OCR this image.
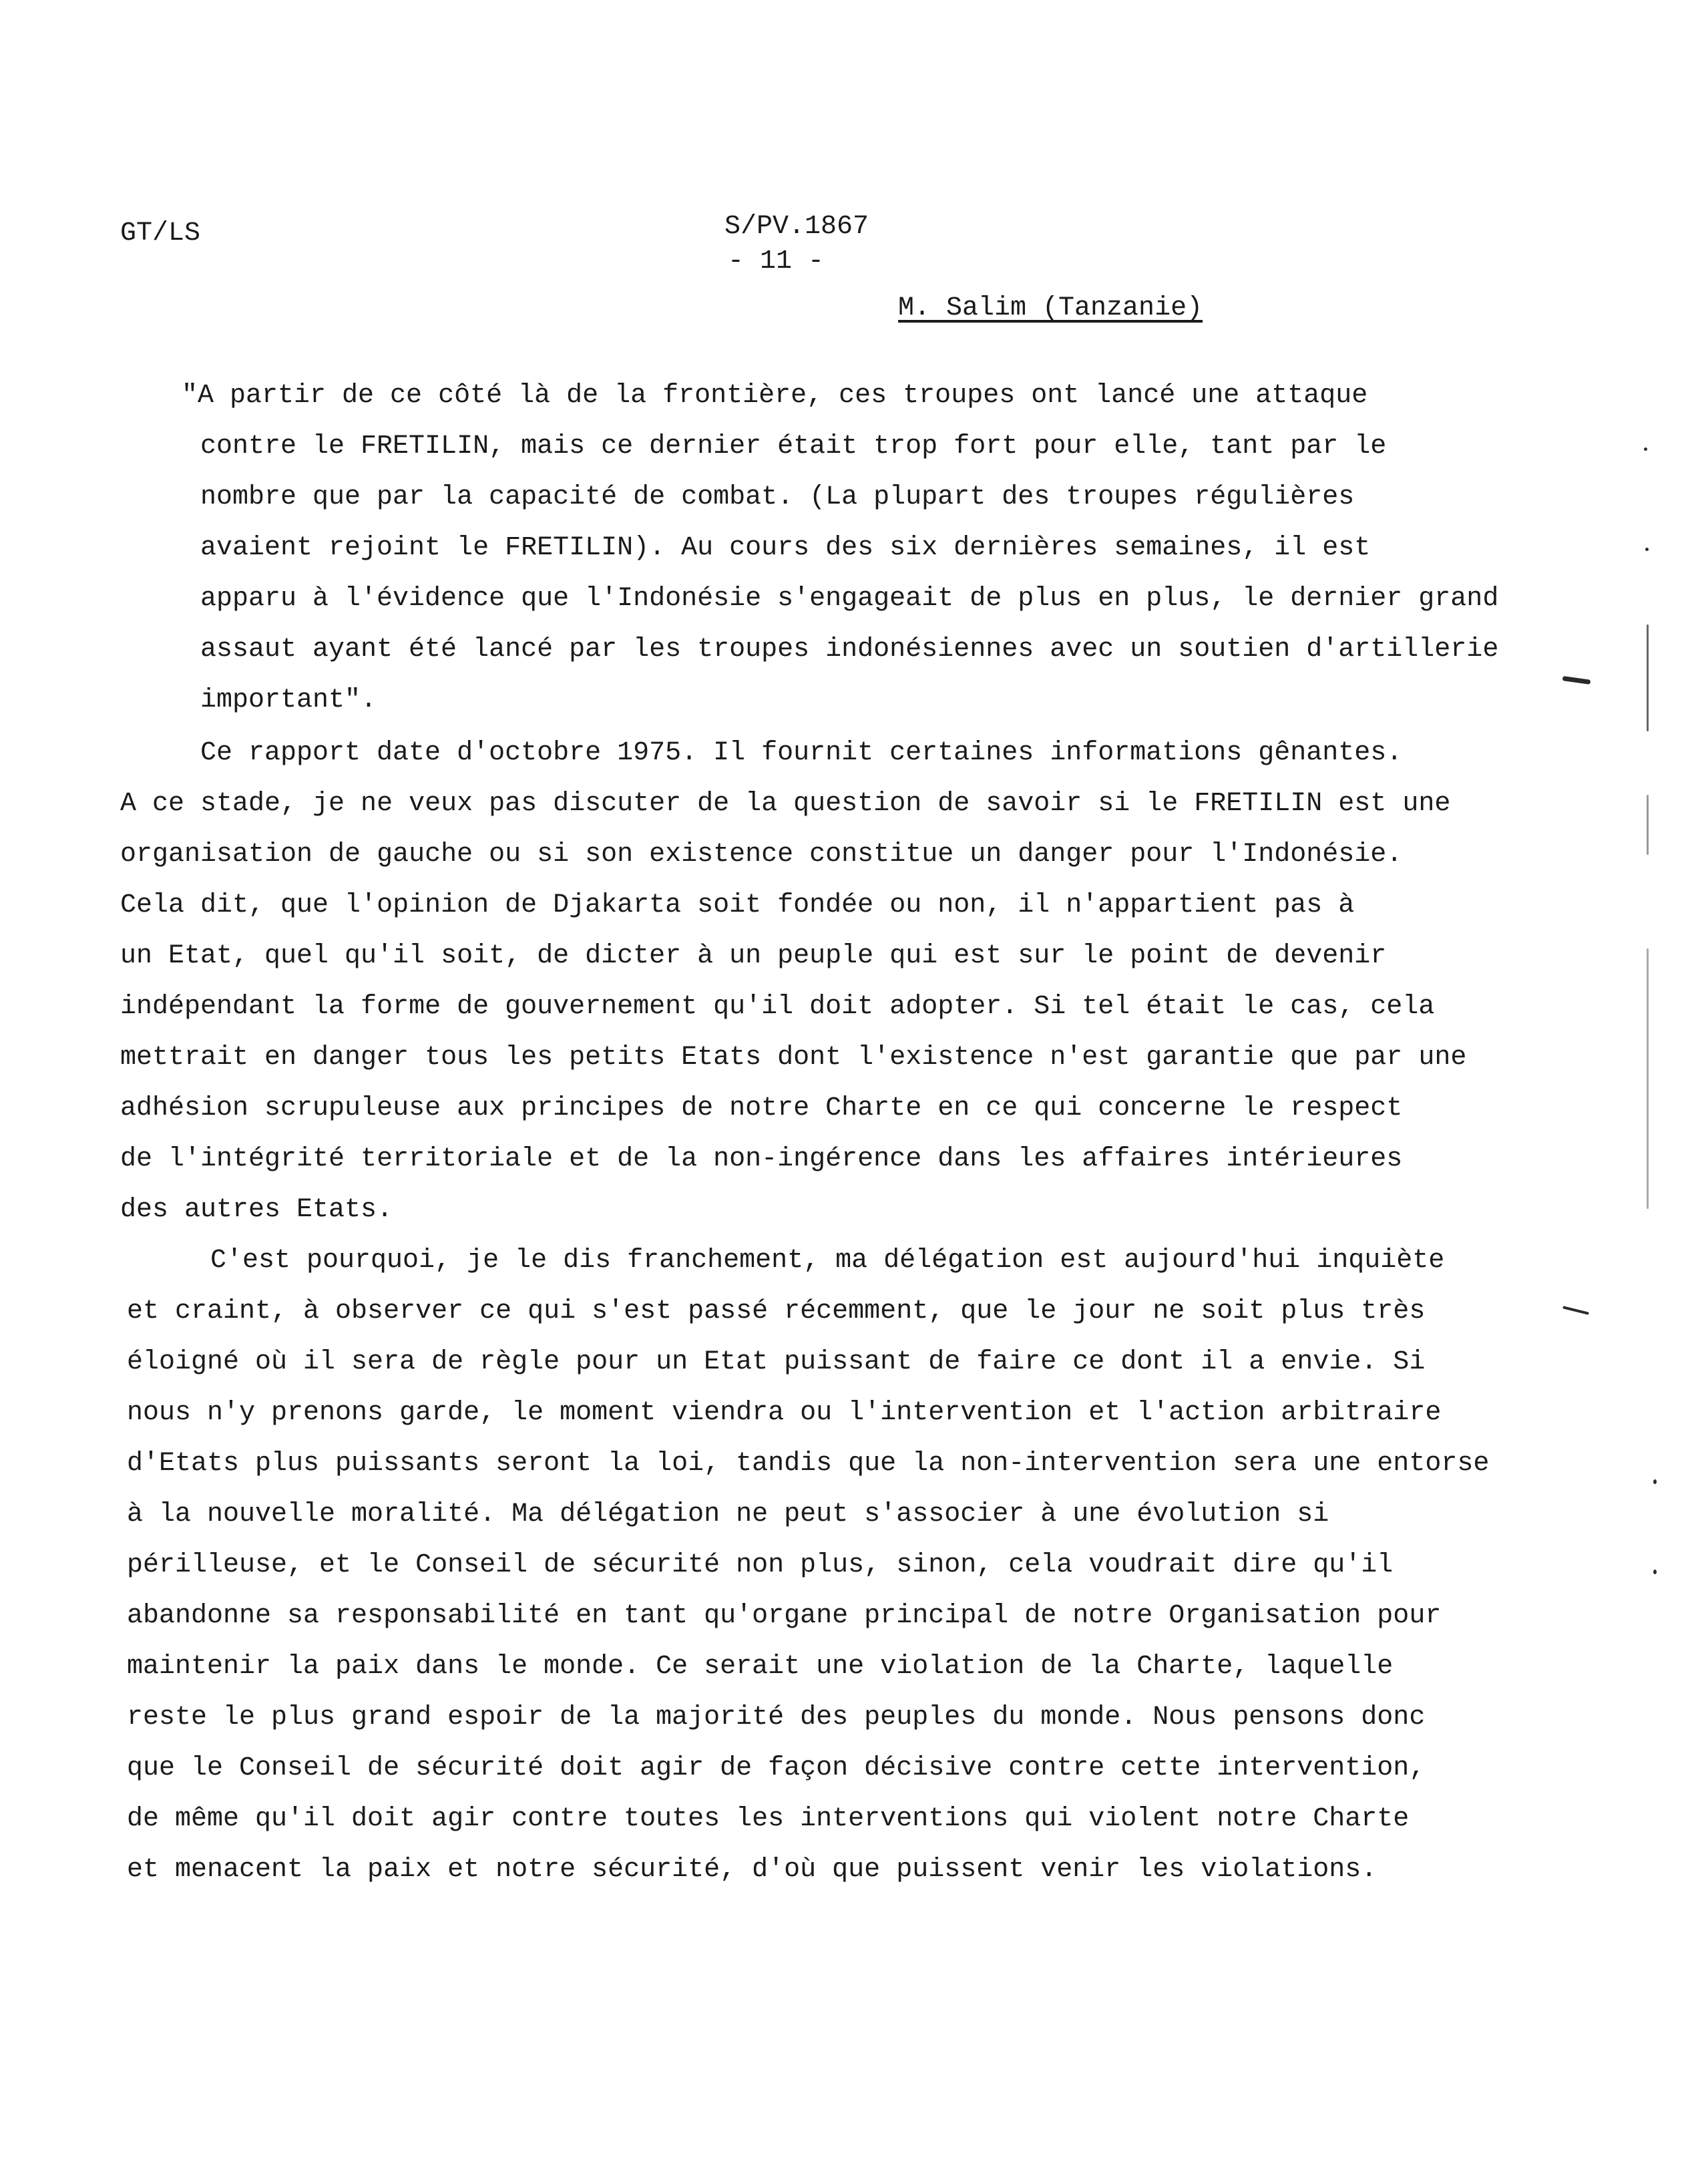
GT/LS	S/PV.1867
- 11 -
M. Salim (Tanzanie)

"A partir de ce côté là de la frontière, ces troupes ont lancé une attaque

contre le FRETILIN, mais ce dernier était trop fort pour elle, tant par le

nombre que par la capacité de combat. (La plupart des troupes régulières

avaient rejoint le FRETILIN). Au cours des six dernières semaines, il est

apparu à l'évidence que l'Indonésie s'engageait de plus en plus, le dernier grand

assaut ayant été lancé par les troupes indonésiennes avec un soutien d'artillerie

important".

Ce rapport date d'octobre 1975. Il fournit certaines informations gênantes.

A ce stade, je ne veux pas discuter de la question de savoir si le FRETILIN est une

organisation de gauche ou si son existence constitue un danger pour l'Indonésie.

Cela dit, que l'opinion de Djakarta soit fondée ou non, il n'appartient pas à

un Etat, quel qu'il soit, de dicter à un peuple qui est sur le point de devenir

indépendant la forme de gouvernement qu'il doit adopter. Si tel était le cas, cela

mettrait en danger tous les petits Etats dont l'existence n'est garantie que par une

adhésion scrupuleuse aux principes de notre Charte en ce qui concerne le respect

de l'intégrité territoriale et de la non-ingérence dans les affaires intérieures

des autres Etats.

C'est pourquoi, je le dis franchement, ma délégation est aujourd'hui inquiète

et craint, à observer ce qui s'est passé récemment, que le jour ne soit plus très

éloigné où il sera de règle pour un Etat puissant de faire ce dont il a envie. Si

nous n'y prenons garde, le moment viendra ou l'intervention et l'action arbitraire

d'Etats plus puissants seront la loi, tandis que la non-intervention sera une entorse

à la nouvelle moralité. Ma délégation ne peut s'associer à une évolution si

périlleuse, et le Conseil de sécurité non plus, sinon, cela voudrait dire qu'il

abandonne sa responsabilité en tant qu'organe principal de notre Organisation pour

maintenir la paix dans le monde. Ce serait une violation de la Charte, laquelle

reste le plus grand espoir de la majorité des peuples du monde. Nous pensons donc

que le Conseil de sécurité doit agir de façon décisive contre cette intervention,

de même qu'il doit agir contre toutes les interventions qui violent notre Charte

et menacent la paix et notre sécurité, d'où que puissent venir les violations.
